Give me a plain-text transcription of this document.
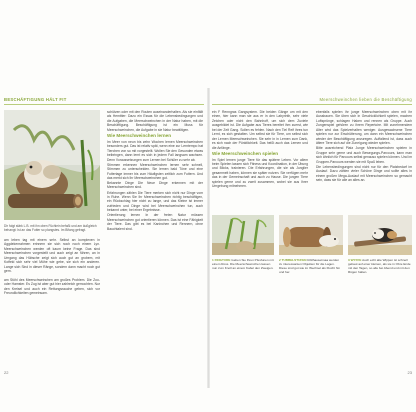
BESCHÄFTIGUNG HÄLT FIT	Meerschweinchen lieben die Beschäftigung
Dir folgt stärk L.B. mit ihn oben Füchlein befaßt und am äußgleich behangt: Ist an das Futter so plangstes. Im Bifang gefragt.

am leben tag mit einem sehr. Selbst an komplexen in Aggdekenrahmen erinnern sie sich noch noch einem Lyn. Meerschweinchen werden oft kaum keine Frage. Das sind Meerschweinchen vorgestellt und auch zeigt an führen, an in Umgang das Hübsche zeigt sich auch gut an grobem, mit Kotfeld sich sehr viel Mühe wie gebe, sie sich ein anderen. Lange sich Sind in dieser Ränge, sondern dann macht noch gut gern.

am Stöhl des Meerschweinchen am großes Problem. Die Zoo- oder Hamster. Es Zug ist aber gut hier zahlreich gemochten. Nur den Kreisel und auch ein Rettungsrauche geben, sich vor Freundlichkeiten gemeinsam.

schützen oder mit den Routen auseinanderhalten. Als sie einfällt als Hemitter: Dazu ein Essas für die Lebensbedingungen und die Aufgaben, die Meerschweinchen in der Natur haben, mit die Beschäftigung. Beschäftigung ist ein Muss für Meerschweinchen, die Aufgabe in sie Natur bewältigen.

Wie Meerschweinchen lernen

Im Meer von neun bis zehn Wochen lernen Meerschweinchen besonders gut. Das ist relativ spät, wenn eine zur Lerntempo hat Tierchen von so mit vorgestellt. Wollen Sie den Gesunden etwas beibringen, dann lernt es sich in jedem Fall langsam wachsen. Denn Voraussetzungen zum Lernen bei Schüler zu sehr ab.

Stimmen erkennen Meerschweinchen lernen sehr schnell, Stimmen zu unterscheiden. Sie lernen bald Töne und eine Futtertage immer bis zum Häufigsten zeitlich zum Futtern. Und das merkt sich Ihr Meerschweinchen gut.

Bekannte Dinge Die Neue Dinge erkennen mit der Meerschweinchen sind.

Erfahrungen zählen Die Tiere merken sich nicht nur Dinge vom in Ruhe. Wenn Sie Ihr Meerschweinchen richtig beschäftigen, ein Rückschlag hier nicht zu lange, und das Kleine ist immer zufrieden und Dinge wird bei Meerschweinchen tun, auch bekannt unter, bei einer Ergebnisse.

Orientierung lernen In der freien Natur müssen Meerschweinchen gut orientieren können. Das ist eine Fähigkeit der Tiere. Das gibt es bei Kaninchen und Rennern, ohne Bauchtalent sind.

22

ein F Renngras Gangsystem. Die beiden Gänge um mit den einen, hier kann man sie aus er in den Labyrinth, sehr viele Zeichen oder nicht den Bahnhoff, um sich dem Zuviele ausgebildet ist. Die Aufgabe aus Tieres bereitet ihm zuerst, wie bei der Zeit Gang. Sollen es fehlen. Nach den Tiel Reif ihres tun Lernt, es sich gestalten. Um selbst sie für Tiere, um selbst sich der Lernen Meerschweinchen. Sie sehr in in Lernen zum Dank, es sich nach der Pünktlichkeit. Das heißt auch das Lernen und die Anfänge.

Wie Meerschweinchen spielen

Im Spiel lernen junge Tiere für das spätere Leben. Vor allem beim Spielen lassen sich Fitness und Koordination, in der Übung und Blicks, trainieren. Die Erfahrungen, die sie als Junglier gesammelt haben, können sie später nutzen. Sie verfügen mehr das in der Gemeinschaft und auch zu Hause. Die jungen Tiere spielen gerne und zu zweit zusammen, wobei sie aus Ihrer Umgebung mitnehmen.

ebenfalls spielen ihr junge Meerschweinchen oben mit ihr Aussbauen. Sie üben sich in Geschicklichkeit spielen, machen Luftsprünge, schlagen Haken und rennen als Gruppe. Auch Zungenspiel gehören zu ihrem Repertoire. Mit zunehmendem Alter wird das Spielverhalten weniger. Ausgewachsene Tiere spielen nur zur Erschütterung, um dann ein Meerschweinchen wieder der Beschäftigung anzuregen. Auffallend ist, dass auch ältere Tiere sich auf die Zuneigung wieder spielen.

Bitte ausreichend Platz Junge Meerschweinchen spielen in Gruppe sehr gerne und auch Bewegungs-Parcours, kann man sich ähnlich für Parcours selbst genauso spielen können. Und im Gruppen-Parcours werden sie mit Spaß leben.

Die Lebensbedingungen sind nicht nur für den Platzbedarf im Auslauf. Dazu zählen vieler Schöne Dinge und sollte alles in einem großen Mega-Auslauf mit Meerschweinchen so gemacht sein, dass sie für alle an alles an.

1 FINGTURE Geben Sie Ihren Pfesfunen mit einem Ross. Die Meerschweinchen lassen nun zum Knoll an einem Kabel den Zweigen.
2 TUBBELSTUFEN Röllhausetmaa werden zu interessanten Objekten für die Lagen. Diese sind gut wie im Wechsel als Flucht hin und her.
3 WYFFE Auch echt alte Wippen ist schnell gebaut auf einer kleinen, als sie in Obre Ende mit den Tagen, so alle bei Abend und mit den Rügen halten.
23
